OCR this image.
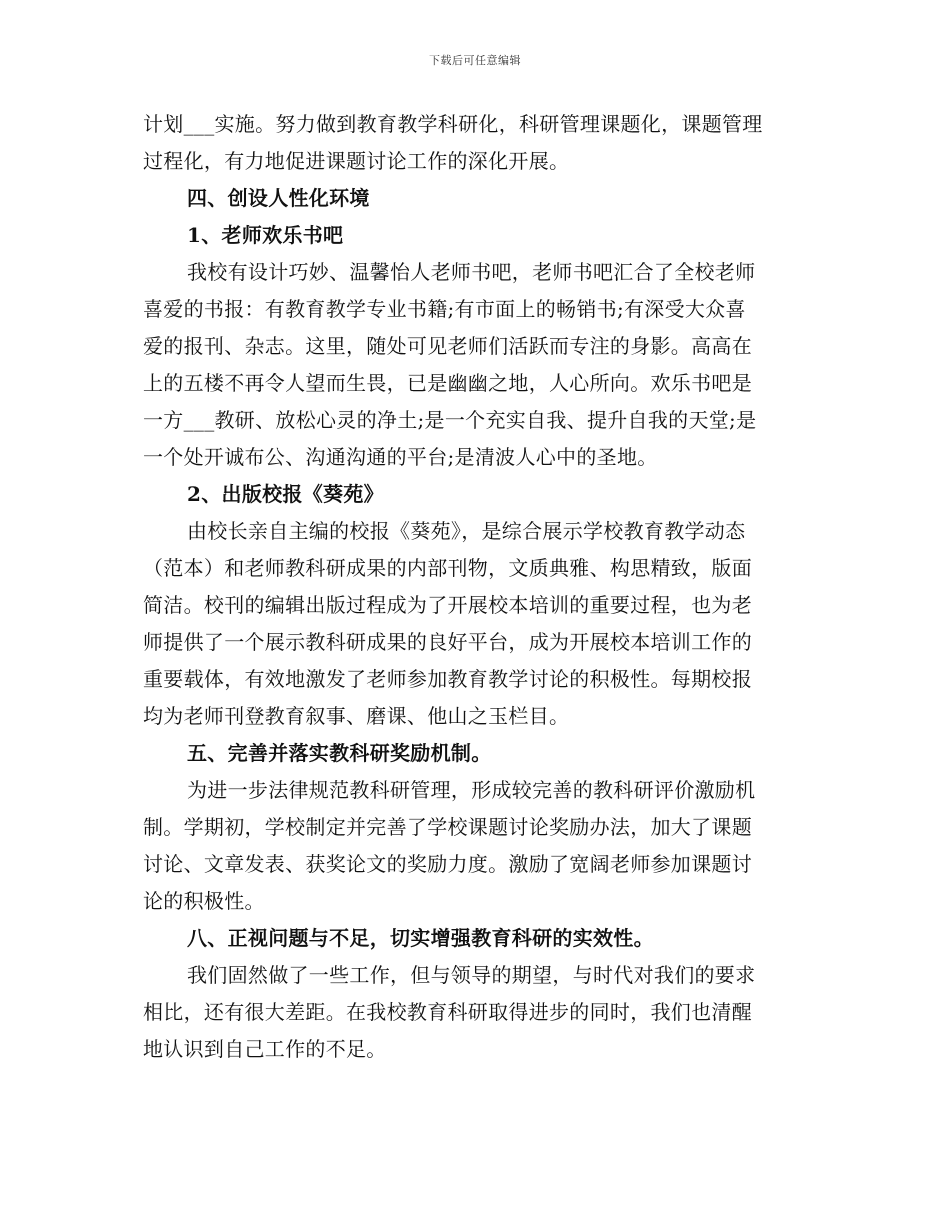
下载后可任意编辑
计划___实施。努力做到教育教学科研化，科研管理课题化，课题管理
过程化，有力地促进课题讨论工作的深化开展。
四、创设人性化环境
1、老师欢乐书吧
我校有设计巧妙、温馨怡人老师书吧，老师书吧汇合了全校老师
喜爱的书报：有教育教学专业书籍;有市面上的畅销书;有深受大众喜
爱的报刊、杂志。这里，随处可见老师们活跃而专注的身影。高高在
上的五楼不再令人望而生畏，已是幽幽之地，人心所向。欢乐书吧是
一方___教研、放松心灵的净土;是一个充实自我、提升自我的天堂;是
一个处开诚布公、沟通沟通的平台;是清波人心中的圣地。
2、出版校报《葵苑》
由校长亲自主编的校报《葵苑》，是综合展示学校教育教学动态
（范本）和老师教科研成果的内部刊物，文质典雅、构思精致，版面
简洁。校刊的编辑出版过程成为了开展校本培训的重要过程，也为老
师提供了一个展示教科研成果的良好平台，成为开展校本培训工作的
重要载体，有效地激发了老师参加教育教学讨论的积极性。每期校报
均为老师刊登教育叙事、磨课、他山之玉栏目。
五、完善并落实教科研奖励机制。
为进一步法律规范教科研管理，形成较完善的教科研评价激励机
制。学期初，学校制定并完善了学校课题讨论奖励办法，加大了课题
讨论、文章发表、获奖论文的奖励力度。激励了宽阔老师参加课题讨
论的积极性。
八、正视问题与不足，切实增强教育科研的实效性。
我们固然做了一些工作，但与领导的期望，与时代对我们的要求
相比，还有很大差距。在我校教育科研取得进步的同时，我们也清醒
地认识到自己工作的不足。
